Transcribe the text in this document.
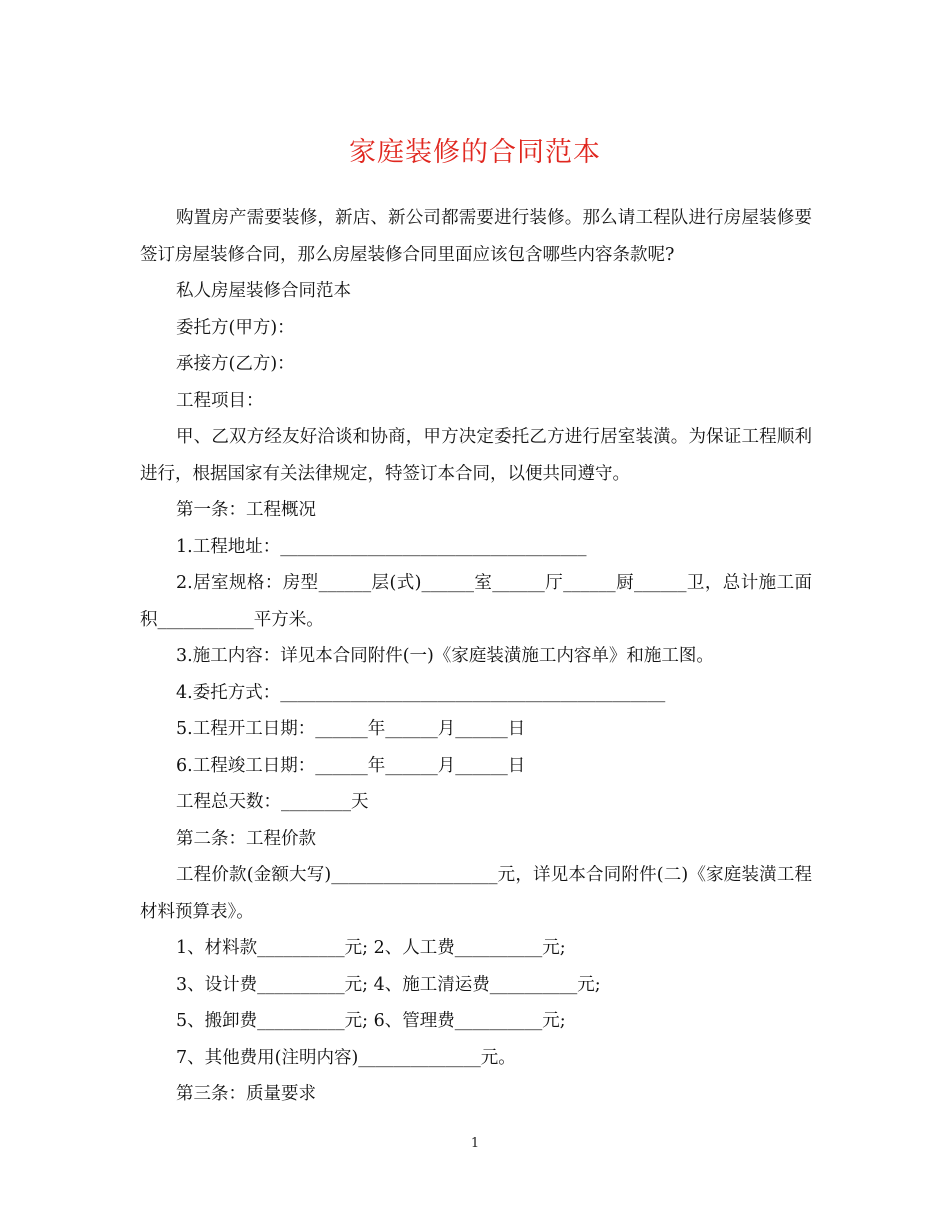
家庭装修的合同范本

购置房产需要装修，新店、新公司都需要进行装修。那么请工程队进行房屋装修要签订房屋装修合同，那么房屋装修合同里面应该包含哪些内容条款呢?

私人房屋装修合同范本

委托方(甲方)：

承接方(乙方)：

工程项目：

甲、乙双方经友好洽谈和协商，甲方决定委托乙方进行居室装潢。为保证工程顺利进行，根据国家有关法律规定，特签订本合同，以便共同遵守。

第一条：工程概况

1.工程地址：___________________________________

2.居室规格：房型______层(式)______室______厅______厨______卫，总计施工面积___________平方米。

3.施工内容：详见本合同附件(一)《家庭装潢施工内容单》和施工图。

4.委托方式：____________________________________________

5.工程开工日期：______年______月______日

6.工程竣工日期：______年______月______日

工程总天数：________天

第二条：工程价款

工程价款(金额大写)___________________元，详见本合同附件(二)《家庭装潢工程材料预算表》。

1、材料款__________元; 2、人工费__________元;

3、设计费__________元; 4、施工清运费__________元;

5、搬卸费__________元; 6、管理费__________元;

7、其他费用(注明内容)______________元。

第三条：质量要求

1
